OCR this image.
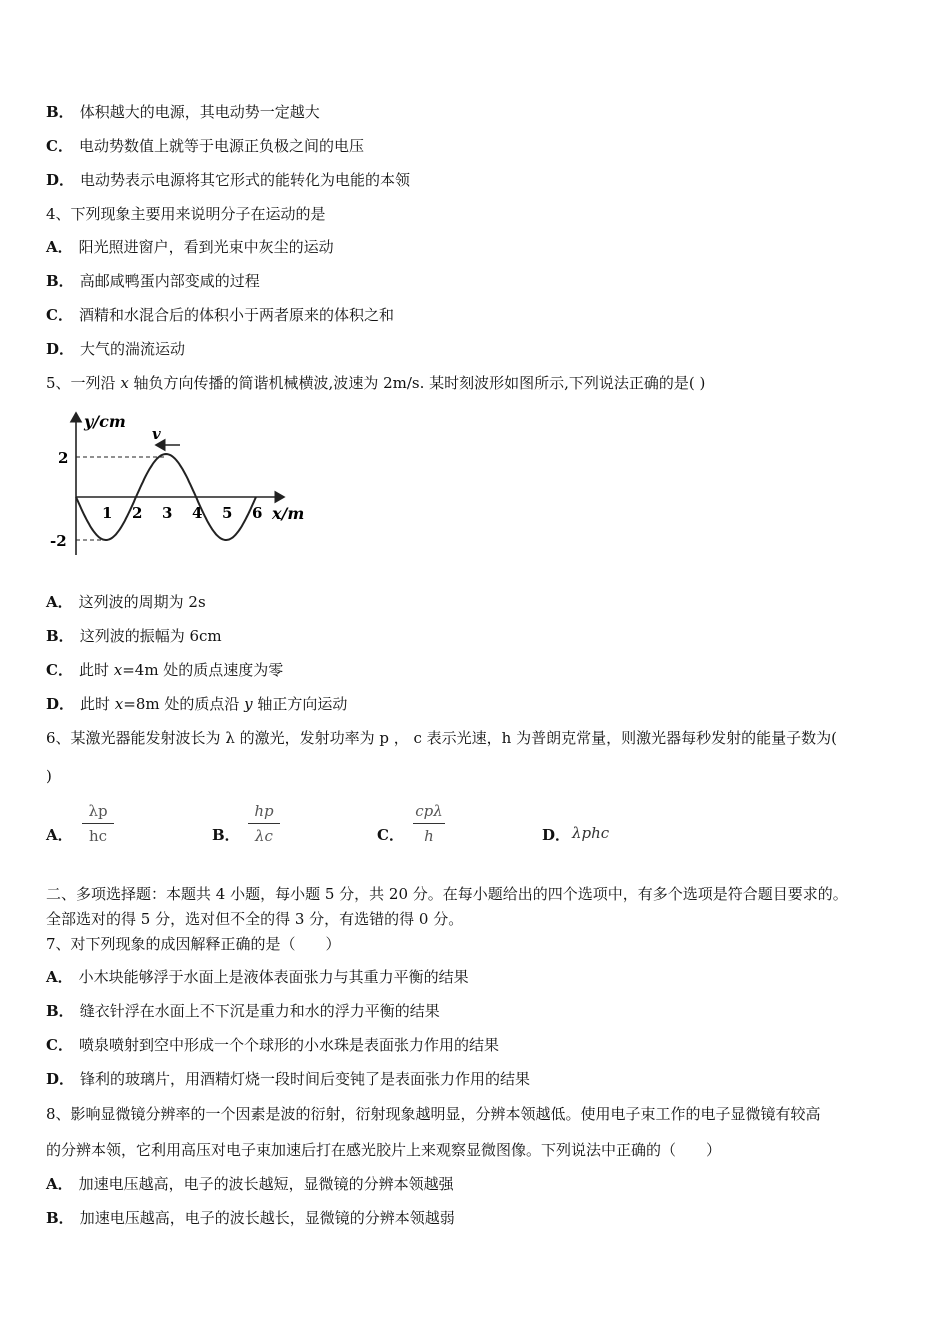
B． 体积越大的电源，其电动势一定越大
C． 电动势数值上就等于电源正负极之间的电压
D． 电动势表示电源将其它形式的能转化为电能的本领
4、下列现象主要用来说明分子在运动的是
A． 阳光照进窗户，看到光束中灰尘的运动
B． 高邮咸鸭蛋内部变咸的过程
C． 酒精和水混合后的体积小于两者原来的体积之和
D． 大气的湍流运动
5、一列沿 x 轴负方向传播的简谐机械横波,波速为 2m/s. 某时刻波形如图所示,下列说法正确的是( )
v
y/cm
x/m
2
-2
1 2 3 4 5 6
A． 这列波的周期为 2s
B． 这列波的振幅为 6cm
C． 此时 x=4m 处的质点速度为零
D． 此时 x=8m 处的质点沿 y 轴正方向运动
6、某激光器能发射波长为 λ 的激光，发射功率为 p ， c 表示光速，h 为普朗克常量，则激光器每秒发射的能量子数为(
)
A．
λp
hc	B．
hp
λc	C．
cpλ
h	D． λphc
二、多项选择题：本题共 4 小题，每小题 5 分，共 20 分。在每小题给出的四个选项中，有多个选项是符合题目要求的。
全部选对的得 5 分，选对但不全的得 3 分，有选错的得 0 分。
7、对下列现象的成因解释正确的是（　　）
A． 小木块能够浮于水面上是液体表面张力与其重力平衡的结果
B． 缝衣针浮在水面上不下沉是重力和水的浮力平衡的结果
C． 喷泉喷射到空中形成一个个球形的小水珠是表面张力作用的结果
D． 锋利的玻璃片，用酒精灯烧一段时间后变钝了是表面张力作用的结果
8、影响显微镜分辨率的一个因素是波的衍射，衍射现象越明显，分辨本领越低。使用电子束工作的电子显微镜有较高
的分辨本领，它利用高压对电子束加速后打在感光胶片上来观察显微图像。下列说法中正确的（　　）
A． 加速电压越高，电子的波长越短，显微镜的分辨本领越强
B． 加速电压越高，电子的波长越长，显微镜的分辨本领越弱
